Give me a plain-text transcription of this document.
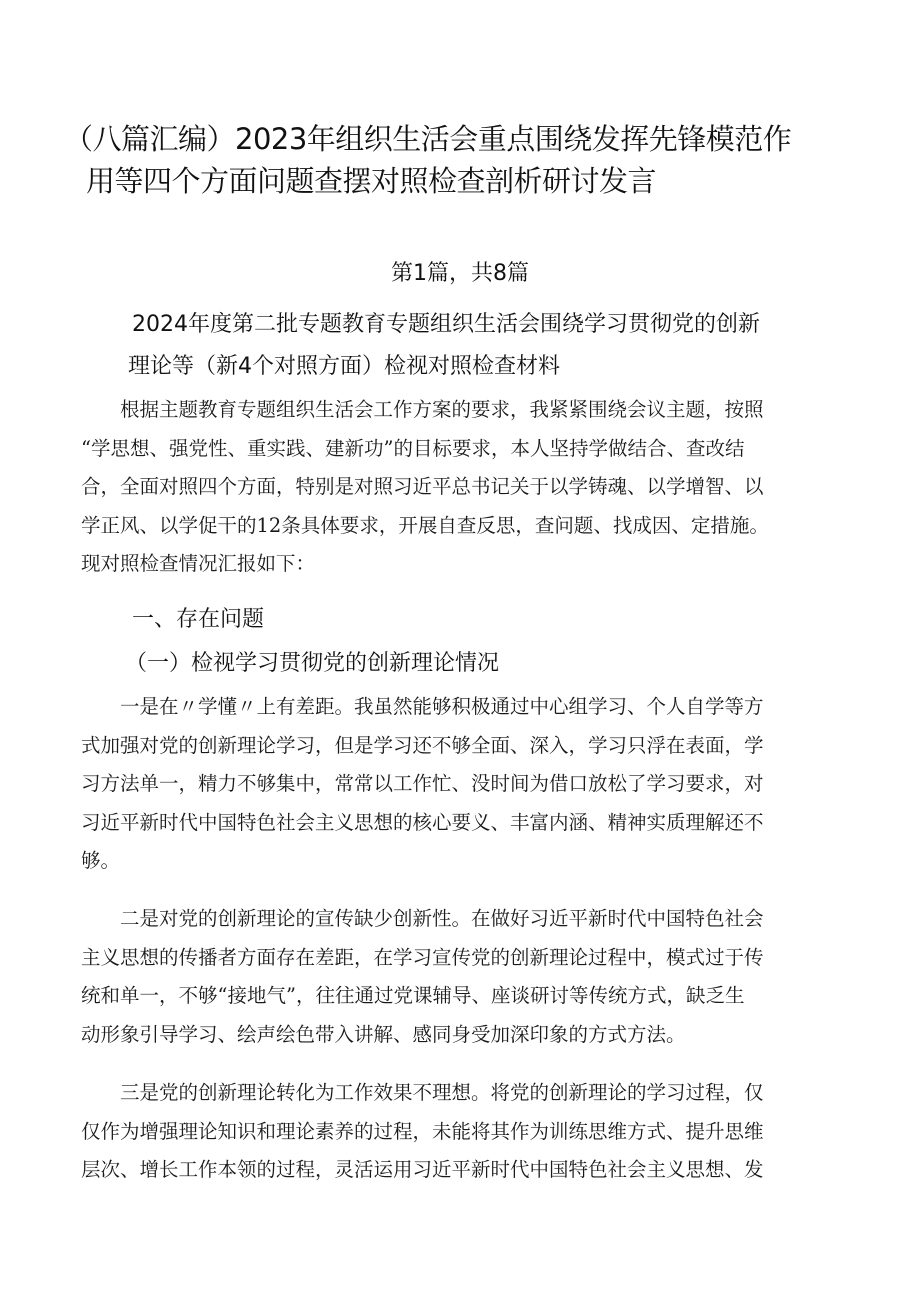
（八篇汇编）2023年组织生活会重点围绕发挥先锋模范作
用等四个方面问题查摆对照检查剖析研讨发言
第1篇，共8篇
2024年度第二批专题教育专题组织生活会围绕学习贯彻党的创新
理论等（新4个对照方面）检视对照检查材料
　　根据主题教育专题组织生活会工作方案的要求，我紧紧围绕会议主题，按照
“学思想、强党性、重实践、建新功”的目标要求，本人坚持学做结合、查改结
合，全面对照四个方面，特别是对照习近平总书记关于以学铸魂、以学增智、以
学正风、以学促干的12条具体要求，开展自查反思，查问题、找成因、定措施。
现对照检查情况汇报如下：
一、存在问题
（一）检视学习贯彻党的创新理论情况
　　一是在〃学懂〃上有差距。我虽然能够积极通过中心组学习、个人自学等方
式加强对党的创新理论学习，但是学习还不够全面、深入，学习只浮在表面，学
习方法单一，精力不够集中，常常以工作忙、没时间为借口放松了学习要求，对
习近平新时代中国特色社会主义思想的核心要义、丰富内涵、精神实质理解还不
够。
　　二是对党的创新理论的宣传缺少创新性。在做好习近平新时代中国特色社会
主义思想的传播者方面存在差距，在学习宣传党的创新理论过程中，模式过于传
统和单一，不够“接地气”，往往通过党课辅导、座谈研讨等传统方式，缺乏生
动形象引导学习、绘声绘色带入讲解、感同身受加深印象的方式方法。
　　三是党的创新理论转化为工作效果不理想。将党的创新理论的学习过程，仅
仅作为增强理论知识和理论素养的过程，未能将其作为训练思维方式、提升思维
层次、增长工作本领的过程，灵活运用习近平新时代中国特色社会主义思想、发
